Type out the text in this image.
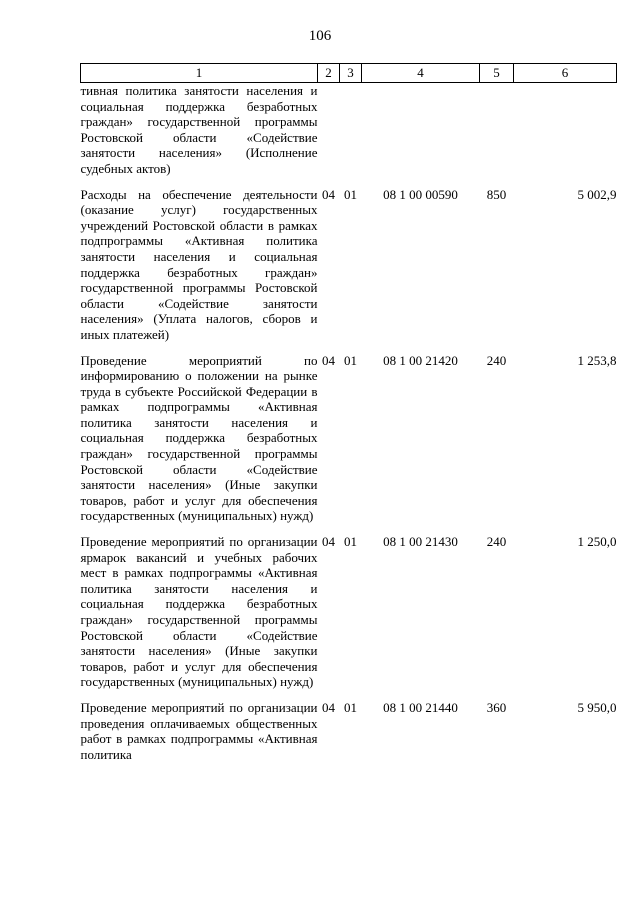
106
1	2	3	4	5	6
тивная политика занятости населения и социальная поддержка безработных граждан» государственной программы Ростовской области «Содействие занятости населения» (Исполнение судебных актов)					
Расходы на обеспечение деятельности (оказание услуг) государственных учреждений Ростовской области в рамках подпрограммы «Активная политика занятости населения и социальная поддержка безработных граждан» государственной программы Ростовской области «Содействие занятости населения» (Уплата налогов, сборов и иных платежей)	04	01	08 1 00 00590	850	5 002,9
Проведение мероприятий по информированию о положении на рынке труда в субъекте Российской Федерации в рамках подпрограммы «Активная политика занятости населения и социальная поддержка безработных граждан» государственной программы Ростовской области «Содействие занятости населения» (Иные закупки товаров, работ и услуг для обеспечения государственных (муниципальных) нужд)	04	01	08 1 00 21420	240	1 253,8
Проведение мероприятий по организации ярмарок вакансий и учебных рабочих мест в рамках подпрограммы «Активная политика занятости населения и социальная поддержка безработных граждан» государственной программы Ростовской области «Содействие занятости населения» (Иные закупки товаров, работ и услуг для обеспечения государственных (муниципальных) нужд)	04	01	08 1 00 21430	240	1 250,0
Проведение мероприятий по организации проведения оплачиваемых общественных работ в рамках подпрограммы «Активная политика	04	01	08 1 00 21440	360	5 950,0
